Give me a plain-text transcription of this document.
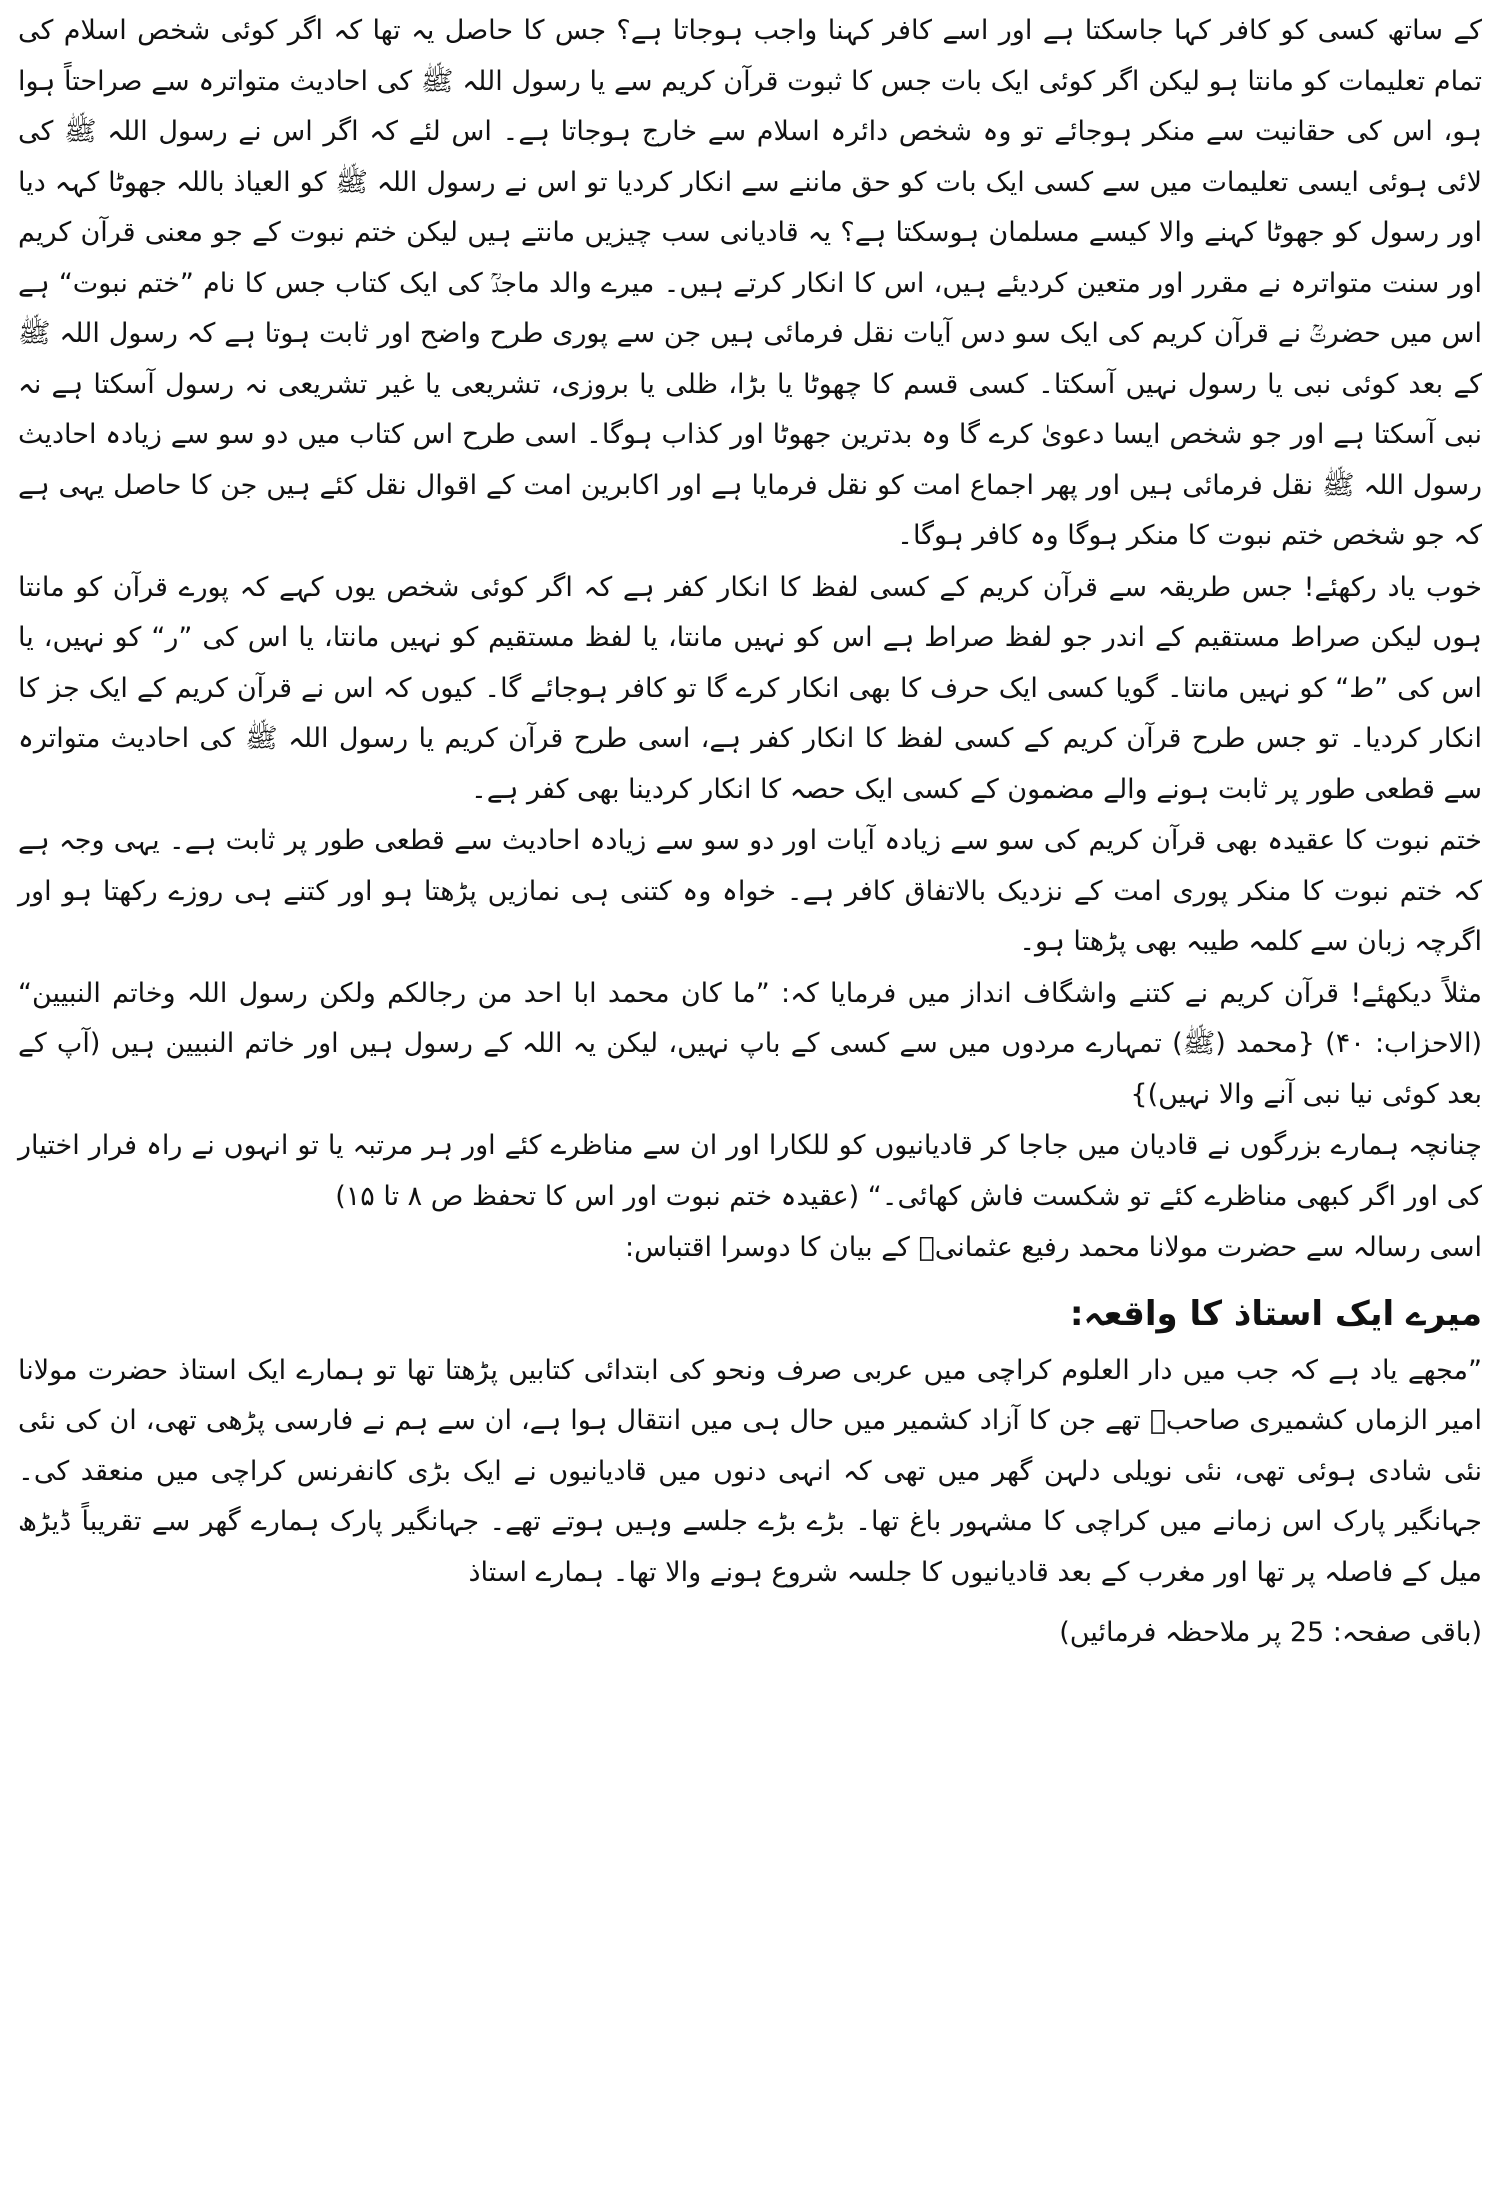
کے ساتھ کسی کو کافر کہا جاسکتا ہے اور اسے کافر کہنا واجب ہوجاتا ہے؟ جس کا حاصل یہ تھا کہ اگر کوئی شخص اسلام کی تمام تعلیمات کو مانتا ہو لیکن اگر کوئی ایک بات جس کا ثبوت قرآن کریم سے یا رسول اللہ ﷺ کی احادیث متواترہ سے صراحتاً ہوا ہو، اس کی حقانیت سے منکر ہوجائے تو وہ شخص دائرہ اسلام سے خارج ہوجاتا ہے۔ اس لئے کہ اگر اس نے رسول اللہ ﷺ کی لائی ہوئی ایسی تعلیمات میں سے کسی ایک بات کو حق ماننے سے انکار کردیا تو اس نے رسول اللہ ﷺ کو العیاذ باللہ جھوٹا کہہ دیا اور رسول کو جھوٹا کہنے والا کیسے مسلمان ہوسکتا ہے؟ یہ قادیانی سب چیزیں مانتے ہیں لیکن ختم نبوت کے جو معنی قرآن کریم اور سنت متواترہ نے مقرر اور متعین کردیئے ہیں، اس کا انکار کرتے ہیں۔ میرے والد ماجدؒ کی ایک کتاب جس کا نام ”ختم نبوت“ ہے اس میں حضرتؒ نے قرآن کریم کی ایک سو دس آیات نقل فرمائی ہیں جن سے پوری طرح واضح اور ثابت ہوتا ہے کہ رسول اللہ ﷺ کے بعد کوئی نبی یا رسول نہیں آسکتا۔ کسی قسم کا چھوٹا یا بڑا، ظلی یا بروزی، تشریعی یا غیر تشریعی نہ رسول آسکتا ہے نہ نبی آسکتا ہے اور جو شخص ایسا دعویٰ کرے گا وہ بدترین جھوٹا اور کذاب ہوگا۔ اسی طرح اس کتاب میں دو سو سے زیادہ احادیث رسول اللہ ﷺ نقل فرمائی ہیں اور پھر اجماع امت کو نقل فرمایا ہے اور اکابرین امت کے اقوال نقل کئے ہیں جن کا حاصل یہی ہے کہ جو شخص ختم نبوت کا منکر ہوگا وہ کافر ہوگا۔

خوب یاد رکھئے! جس طریقہ سے قرآن کریم کے کسی لفظ کا انکار کفر ہے کہ اگر کوئی شخص یوں کہے کہ پورے قرآن کو مانتا ہوں لیکن صراط مستقیم کے اندر جو لفظ صراط ہے اس کو نہیں مانتا، یا لفظ مستقیم کو نہیں مانتا، یا اس کی ”ر“ کو نہیں، یا اس کی ”ط“ کو نہیں مانتا۔ گویا کسی ایک حرف کا بھی انکار کرے گا تو کافر ہوجائے گا۔ کیوں کہ اس نے قرآن کریم کے ایک جز کا انکار کردیا۔ تو جس طرح قرآن کریم کے کسی لفظ کا انکار کفر ہے، اسی طرح قرآن کریم یا رسول اللہ ﷺ کی احادیث متواترہ سے قطعی طور پر ثابت ہونے والے مضمون کے کسی ایک حصہ کا انکار کردینا بھی کفر ہے۔

ختم نبوت کا عقیدہ بھی قرآن کریم کی سو سے زیادہ آیات اور دو سو سے زیادہ احادیث سے قطعی طور پر ثابت ہے۔ یہی وجہ ہے کہ ختم نبوت کا منکر پوری امت کے نزدیک بالاتفاق کافر ہے۔ خواہ وہ کتنی ہی نمازیں پڑھتا ہو اور کتنے ہی روزے رکھتا ہو اور اگرچہ زبان سے کلمہ طیبہ بھی پڑھتا ہو۔

مثلاً دیکھئے! قرآن کریم نے کتنے واشگاف انداز میں فرمایا کہ: ”ما کان محمد ابا احد من رجالکم ولکن رسول اللہ وخاتم النبیین“ (الاحزاب: ۴۰) {محمد (ﷺ) تمہارے مردوں میں سے کسی کے باپ نہیں، لیکن یہ اللہ کے رسول ہیں اور خاتم النبیین ہیں (آپ کے بعد کوئی نیا نبی آنے والا نہیں)}

چنانچہ ہمارے بزرگوں نے قادیان میں جاجا کر قادیانیوں کو للکارا اور ان سے مناظرے کئے اور ہر مرتبہ یا تو انہوں نے راہ فرار اختیار کی اور اگر کبھی مناظرے کئے تو شکست فاش کھائی۔“ (عقیدہ ختم نبوت اور اس کا تحفظ ص ۸ تا ۱۵)

اسی رسالہ سے حضرت مولانا محمد رفیع عثمانیؒ کے بیان کا دوسرا اقتباس:

میرے ایک استاذ کا واقعہ:

”مجھے یاد ہے کہ جب میں دار العلوم کراچی میں عربی صرف ونحو کی ابتدائی کتابیں پڑھتا تھا تو ہمارے ایک استاذ حضرت مولانا امیر الزماں کشمیری صاحبؒ تھے جن کا آزاد کشمیر میں حال ہی میں انتقال ہوا ہے، ان سے ہم نے فارسی پڑھی تھی، ان کی نئی نئی شادی ہوئی تھی، نئی نویلی دلہن گھر میں تھی کہ انہی دنوں میں قادیانیوں نے ایک بڑی کانفرنس کراچی میں منعقد کی۔ جہانگیر پارک اس زمانے میں کراچی کا مشہور باغ تھا۔ بڑے بڑے جلسے وہیں ہوتے تھے۔ جہانگیر پارک ہمارے گھر سے تقریباً ڈیڑھ میل کے فاصلہ پر تھا اور مغرب کے بعد قادیانیوں کا جلسہ شروع ہونے والا تھا۔ ہمارے استاذ

(باقی صفحہ: 25 پر ملاحظہ فرمائیں)
